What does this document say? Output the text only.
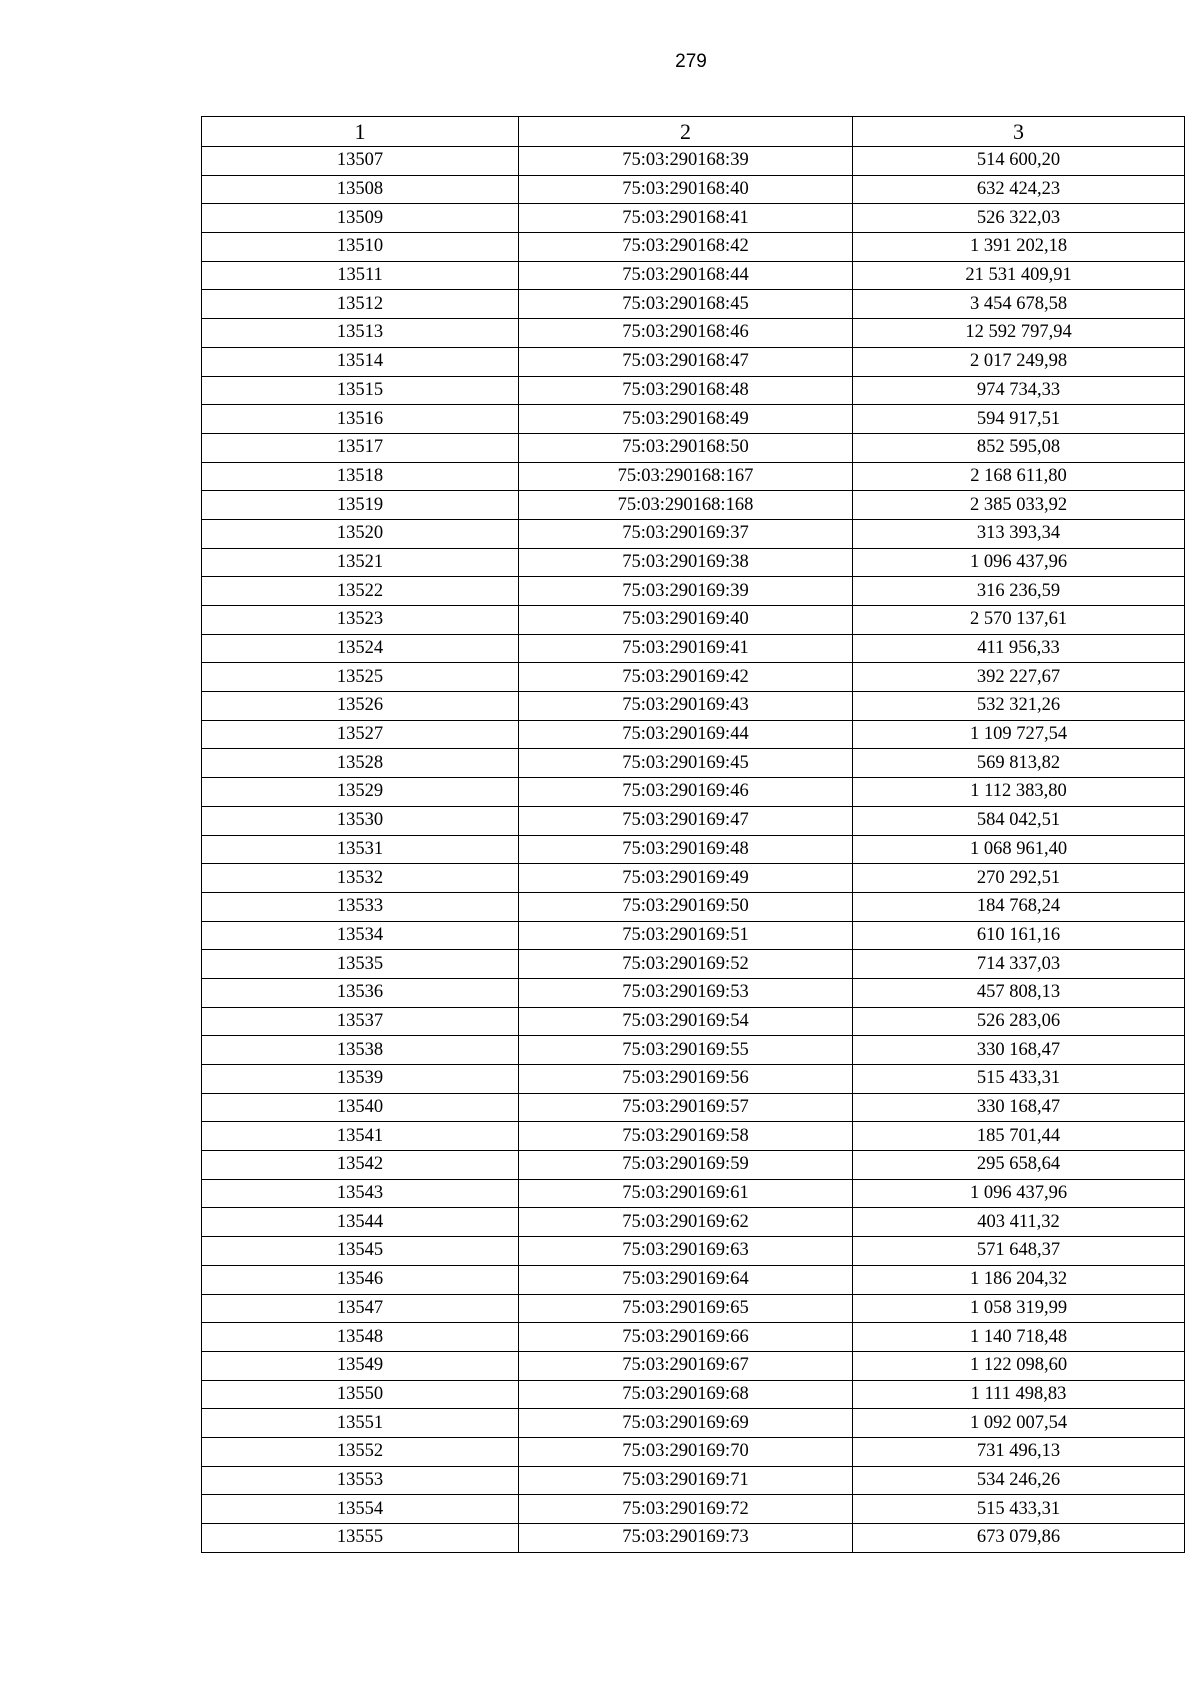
279
1	2	3
13507	75:03:290168:39	514 600,20
13508	75:03:290168:40	632 424,23
13509	75:03:290168:41	526 322,03
13510	75:03:290168:42	1 391 202,18
13511	75:03:290168:44	21 531 409,91
13512	75:03:290168:45	3 454 678,58
13513	75:03:290168:46	12 592 797,94
13514	75:03:290168:47	2 017 249,98
13515	75:03:290168:48	974 734,33
13516	75:03:290168:49	594 917,51
13517	75:03:290168:50	852 595,08
13518	75:03:290168:167	2 168 611,80
13519	75:03:290168:168	2 385 033,92
13520	75:03:290169:37	313 393,34
13521	75:03:290169:38	1 096 437,96
13522	75:03:290169:39	316 236,59
13523	75:03:290169:40	2 570 137,61
13524	75:03:290169:41	411 956,33
13525	75:03:290169:42	392 227,67
13526	75:03:290169:43	532 321,26
13527	75:03:290169:44	1 109 727,54
13528	75:03:290169:45	569 813,82
13529	75:03:290169:46	1 112 383,80
13530	75:03:290169:47	584 042,51
13531	75:03:290169:48	1 068 961,40
13532	75:03:290169:49	270 292,51
13533	75:03:290169:50	184 768,24
13534	75:03:290169:51	610 161,16
13535	75:03:290169:52	714 337,03
13536	75:03:290169:53	457 808,13
13537	75:03:290169:54	526 283,06
13538	75:03:290169:55	330 168,47
13539	75:03:290169:56	515 433,31
13540	75:03:290169:57	330 168,47
13541	75:03:290169:58	185 701,44
13542	75:03:290169:59	295 658,64
13543	75:03:290169:61	1 096 437,96
13544	75:03:290169:62	403 411,32
13545	75:03:290169:63	571 648,37
13546	75:03:290169:64	1 186 204,32
13547	75:03:290169:65	1 058 319,99
13548	75:03:290169:66	1 140 718,48
13549	75:03:290169:67	1 122 098,60
13550	75:03:290169:68	1 111 498,83
13551	75:03:290169:69	1 092 007,54
13552	75:03:290169:70	731 496,13
13553	75:03:290169:71	534 246,26
13554	75:03:290169:72	515 433,31
13555	75:03:290169:73	673 079,86
